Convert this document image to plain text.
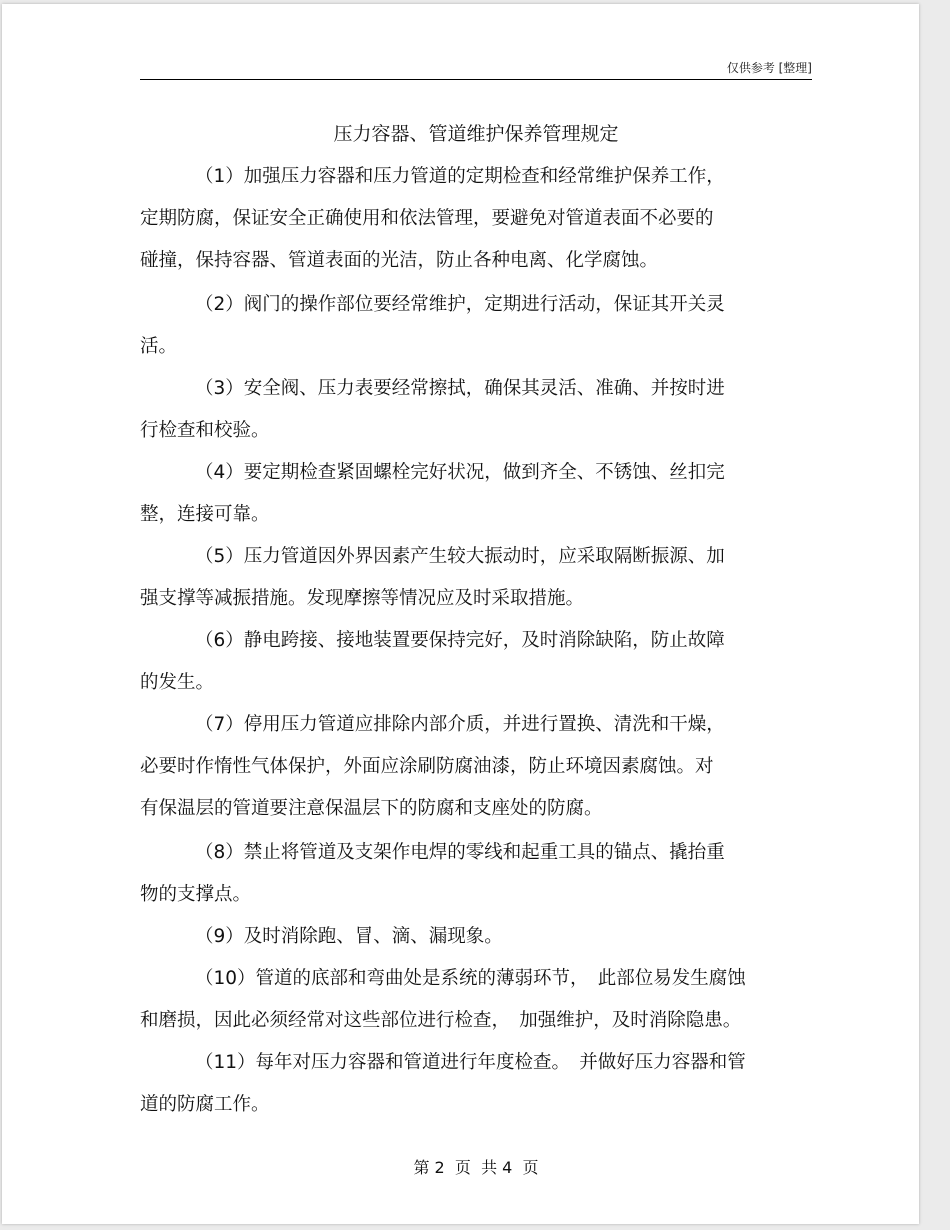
仅供参考 [整理]
压力容器、管道维护保养管理规定
（1）加强压力容器和压力管道的定期检查和经常维护保养工作，
定期防腐，保证安全正确使用和依法管理，要避免对管道表面不必要的
碰撞，保持容器、管道表面的光洁，防止各种电离、化学腐蚀。
（2）阀门的操作部位要经常维护，定期进行活动，保证其开关灵
活。
（3）安全阀、压力表要经常擦拭，确保其灵活、准确、并按时进
行检查和校验。
（4）要定期检查紧固螺栓完好状况，做到齐全、不锈蚀、丝扣完
整，连接可靠。
（5）压力管道因外界因素产生较大振动时，应采取隔断振源、加
强支撑等减振措施。发现摩擦等情况应及时采取措施。
（6）静电跨接、接地装置要保持完好，及时消除缺陷，防止故障
的发生。
（7）停用压力管道应排除内部介质，并进行置换、清洗和干燥，
必要时作惰性气体保护，外面应涂刷防腐油漆，防止环境因素腐蚀。对
有保温层的管道要注意保温层下的防腐和支座处的防腐。
（8）禁止将管道及支架作电焊的零线和起重工具的锚点、撬抬重
物的支撑点。
（9）及时消除跑、冒、滴、漏现象。
（10）管道的底部和弯曲处是系统的薄弱环节，　此部位易发生腐蚀
和磨损，因此必须经常对这些部位进行检查，　加强维护，及时消除隐患。
（11）每年对压力容器和管道进行年度检查。　并做好压力容器和管
道的防腐工作。
第 2  页  共 4  页
